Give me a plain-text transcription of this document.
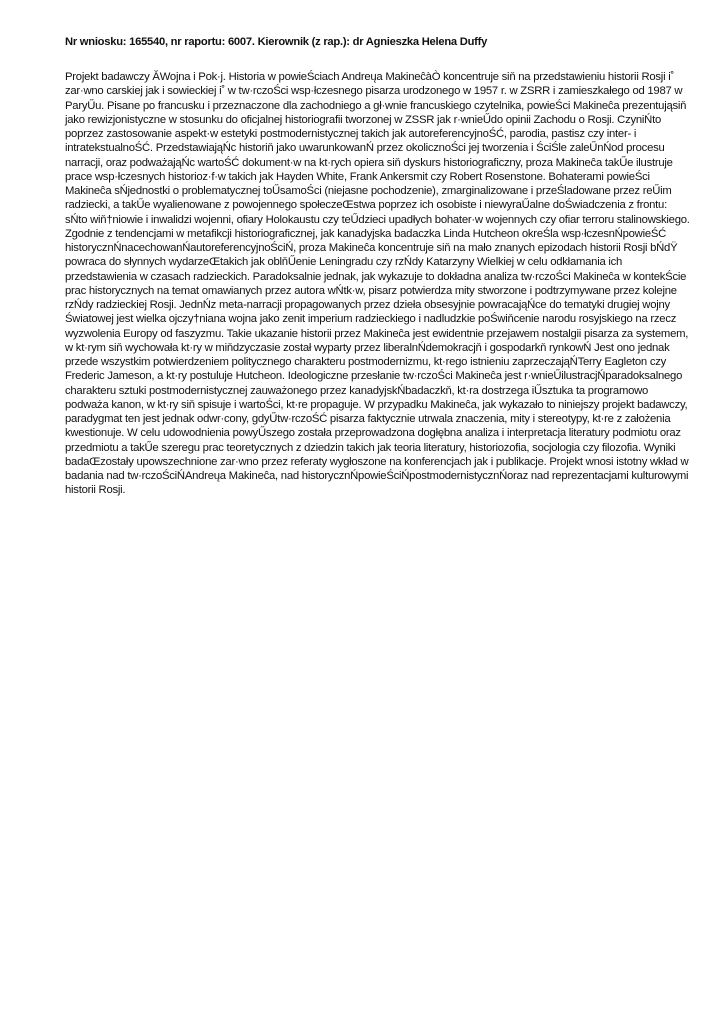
Nr wniosku: 165540, nr raportu: 6007. Kierownik (z rap.): dr Agnieszka Helena Duffy

Projekt badawczy ĂWojna i Pok·j. Historia w powieŚciach Andreųa MakineĉàÒ koncentruje siň na przedstawieniu historii Rosji i˚ zar·wno carskiej jak i sowieckiej i˚ w tw·rczoŚci wsp·łczesnego pisarza urodzonego w 1957 r. w ZSRR i zamieszkałego od 1987 w ParyŰu. Pisane po francusku i przeznaczone dla zachodniego a gł·wnie francuskiego czytelnika, powieŚci Makineĉa prezentująsiň jako rewizjonistyczne w stosunku do oficjalnej historiografii tworzonej w ZSSR jak r·wnieŰdo opinii Zachodu o Rosji. CzyniŃto poprzez zastosowanie aspekt·w estetyki postmodernistycznej takich jak autoreferencyjnoŚĆ, parodia, pastisz czy inter- i intratekstualnoŚĆ. PrzedstawiająŃc historiň jako uwarunkowanŃ przez okolicznoŚci jej tworzenia i ŚciŚle zaleŰnŃod procesu narracji, oraz podważająŃc wartoŚĆ dokument·w na kt·rych opiera siň dyskurs historiograficzny, proza Makineĉa takŰe ilustruje prace wsp·łczesnych historioz·f·w takich jak Hayden White, Frank Ankersmit czy Robert Rosenstone. Bohaterami powieŚci Makineĉa sŃjednostki o problematycznej toŰsamoŚci (niejasne pochodzenie), zmarginalizowane i przeŚladowane przez reŰim radziecki, a takŰe wyalienowane z powojennego społeczeŒstwa poprzez ich osobiste i niewyraŰalne doŚwiadczenia z frontu: sŃto wiň†niowie i inwalidzi wojenni, ofiary Holokaustu czy teŰdzieci upadłych bohater·w wojennych czy ofiar terroru stalinowskiego. Zgodnie z tendencjami w metafikcji historiograficznej, jak kanadyjska badaczka Linda Hutcheon okreŚla wsp·łczesnŃpowieŚĆ historycznŃnacechowanŃautoreferencyjnoŚciŃ, proza Makineĉa koncentruje siň na mało znanych epizodach historii Rosji bŃdŸ powraca do słynnych wydarzeŒtakich jak oblňŰenie Leningradu czy rzŃdy Katarzyny Wielkiej w celu odkłamania ich przedstawienia w czasach radzieckich. Paradoksalnie jednak, jak wykazuje to dokładna analiza tw·rczoŚci Makineĉa w kontekŚcie prac historycznych na temat omawianych przez autora wŃtk·w, pisarz potwierdza mity stworzone i podtrzymywane przez kolejne rzŃdy radzieckiej Rosji. JednŃz meta-narracji propagowanych przez dzieła obsesyjnie powracająŃce do tematyki drugiej wojny Światowej jest wielka ojczy†niana wojna jako zenit imperium radzieckiego i nadludzkie poŚwiňcenie narodu rosyjskiego na rzecz wyzwolenia Europy od faszyzmu. Takie ukazanie historii przez Makineĉa jest ewidentnie przejawem nostalgii pisarza za systemem, w kt·rym siň wychowała kt·ry w miňdzyczasie został wyparty przez liberalnŃdemokracjň i gospodarkň rynkowŃ Jest ono jednak przede wszystkim potwierdzeniem politycznego charakteru postmodernizmu, kt·rego istnieniu zaprzeczająŃTerry Eagleton czy Frederic Jameson, a kt·ry postuluje Hutcheon. Ideologiczne przesłanie tw·rczoŚci Makineĉa jest r·wnieŰilustracjŃparadoksalnego charakteru sztuki postmodernistycznej zauważonego przez kanadyjskŃbadaczkň, kt·ra dostrzega iŰsztuka ta programowo podważa kanon, w kt·ry siň spisuje i wartoŚci, kt·re propaguje. W przypadku Makineĉa, jak wykazało to niniejszy projekt badawczy, paradygmat ten jest jednak odwr·cony, gdyŰtw·rczoŚĆ pisarza faktycznie utrwala znaczenia, mity i stereotypy, kt·re z założenia kwestionuje. W celu udowodnienia powyŰszego została przeprowadzona dogłębna analiza i interpretacja literatury podmiotu oraz przedmiotu a takŰe szeregu prac teoretycznych z dziedzin takich jak teoria literatury, historiozofia, socjologia czy filozofia. Wyniki badaŒzostały upowszechnione zar·wno przez referaty wygłoszone na konferencjach jak i publikacje. Projekt wnosi istotny wkład w badania nad tw·rczoŚciŃAndreųa Makineĉa, nad historycznŃpowieŚciŃpostmodernistycznŃoraz nad reprezentacjami kulturowymi historii Rosji.
